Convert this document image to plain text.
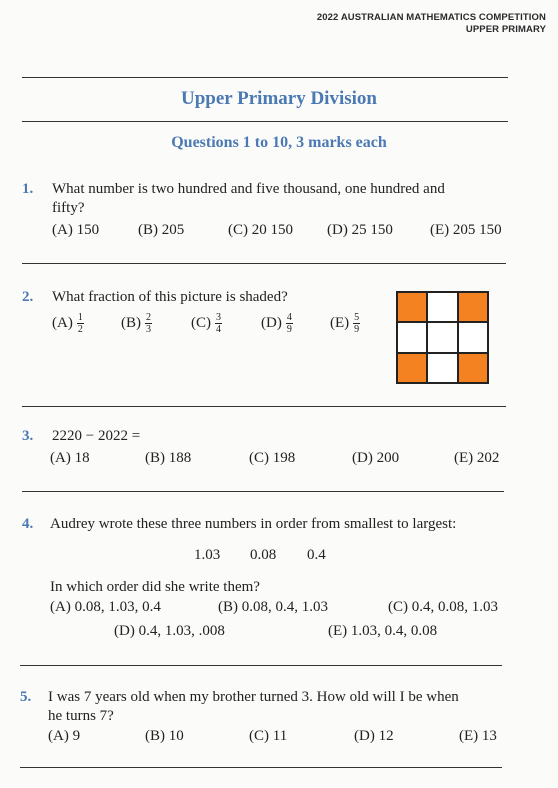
2022 AUSTRALIAN MATHEMATICS COMPETITION
UPPER PRIMARY
Upper Primary Division
Questions 1 to 10, 3 marks each
1. What number is two hundred and five thousand, one hundred and
fifty?
(A) 150	(B) 205	(C) 20 150 (D) 25 150 (E) 205 150
2. What fraction of this picture is shaded?
$(A) \frac{1}{2} (B) \frac{2}{3}$	$(C) \frac{3}{4}$	$(D) \frac{4}{9} (E) \frac{5}{9}$
3. 2220 − 2022 =
(A) 18	(B) 188	(C) 198	(D) 200	(E) 202
4. Audrey wrote these three numbers in order from smallest to largest:
1.03 0.08 0.4
In which order did she write them?
(A) 0.08, 1.03, 0.4	(B) 0.08, 0.4, 1.03	(C) 0.4, 0.08, 1.03
(D) 0.4, 1.03, .008	(E) 1.03, 0.4, 0.08
5. I was 7 years old when my brother turned 3. How old will I be when
he turns 7?
(A) 9	(B) 10	(C) 11	(D) 12	(E) 13
